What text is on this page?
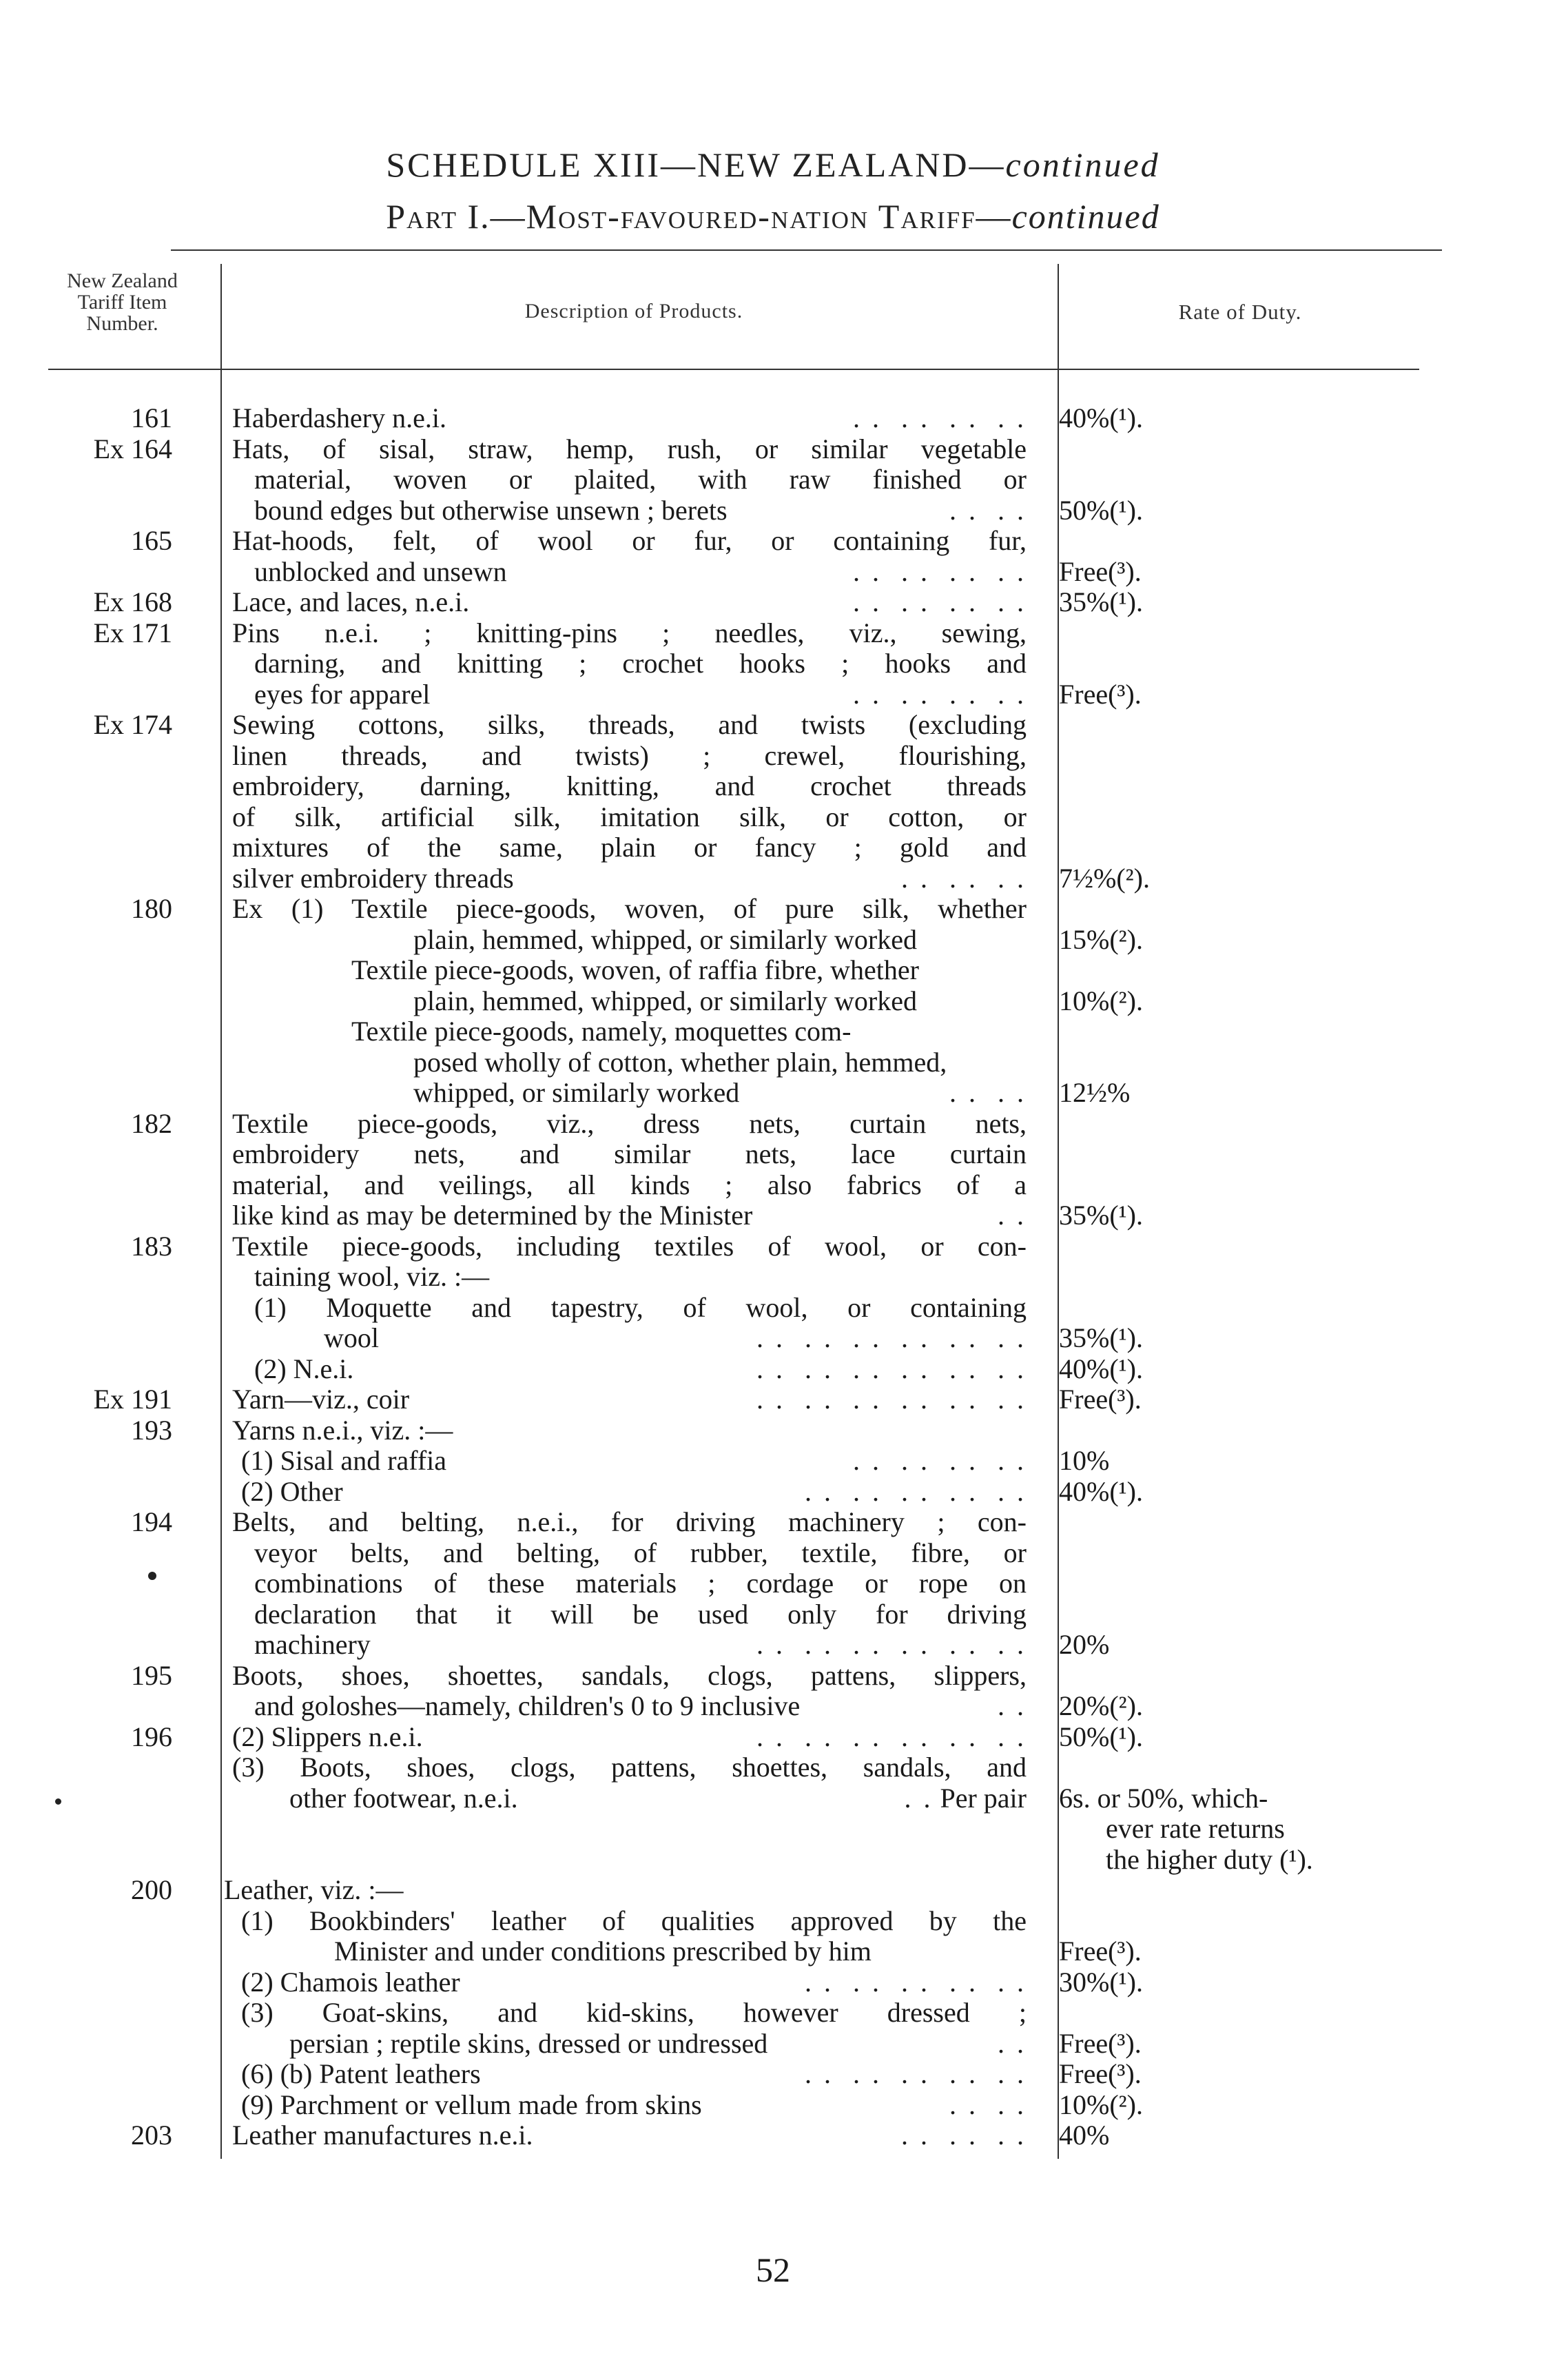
SCHEDULE XIII—NEW ZEALAND—continued
Part I.—Most-favoured-nation Tariff—continued
New Zealand Tariff Item Number.
Description of Products.	Rate of Duty.
161	Haberdashery n.e.i.	. .  . .  . .  . .	40%(¹).
Ex 164	Hats, of sisal, straw, hemp, rush, or similar vegetable
material, woven or plaited, with raw finished or
bound edges but otherwise unsewn ; berets	. .  . .	50%(¹).
165	Hat-hoods, felt, of wool or fur, or containing fur,
unblocked and unsewn	. .  . .  . .  . .	Free(³).
Ex 168	Lace, and laces, n.e.i.	. .  . .  . .  . .	35%(¹).
Ex 171	Pins n.e.i. ; knitting-pins ; needles, viz., sewing,
darning, and knitting ; crochet hooks ; hooks and
eyes for apparel	. .  . .  . .  . .	Free(³).
Ex 174	Sewing cottons, silks, threads, and twists (excluding
linen threads, and twists) ; crewel, flourishing,
embroidery, darning, knitting, and crochet threads
of silk, artificial silk, imitation silk, or cotton, or
mixtures of the same, plain or fancy ; gold and
silver embroidery threads	. .  . .  . .	7½%(²).
180	Ex (1) Textile piece-goods, woven, of pure silk, whether
plain, hemmed, whipped, or similarly worked	15%(²).
Textile piece-goods, woven, of raffia fibre, whether
plain, hemmed, whipped, or similarly worked	10%(²).
Textile piece-goods, namely, moquettes com-
posed wholly of cotton, whether plain, hemmed,
whipped, or similarly worked	. .  . .	12½%
182	Textile piece-goods, viz., dress nets, curtain nets,
embroidery nets, and similar nets, lace curtain
material, and veilings, all kinds ; also fabrics of a
like kind as may be determined by the Minister	. .	35%(¹).
183	Textile piece-goods, including textiles of wool, or con-
taining wool, viz. :—
(1) Moquette and tapestry, of wool, or containing
wool	. .  . .  . .  . .  . .  . .	35%(¹).
(2) N.e.i.	. .  . .  . .  . .  . .  . .	40%(¹).
Ex 191	Yarn—viz., coir	. .  . .  . .  . .  . .  . .	Free(³).
193	Yarns n.e.i., viz. :—
(1) Sisal and raffia	. .  . .  . .  . .	10%
(2) Other	. .  . .  . .  . .  . .	40%(¹).
194	Belts, and belting, n.e.i., for driving machinery ; con-
veyor belts, and belting, of rubber, textile, fibre, or
combinations of these materials ; cordage or rope on
declaration that it will be used only for driving
machinery	. .  . .  . .  . .  . .  . .	20%
195	Boots, shoes, shoettes, sandals, clogs, pattens, slippers,
and goloshes—namely, children's 0 to 9 inclusive	. .	20%(²).
196	(2) Slippers n.e.i.	. .  . .  . .  . .  . .  . .	50%(¹).
(3) Boots, shoes, clogs, pattens, shoettes, sandals, and
other footwear, n.e.i.	. . Per pair	6s. or 50%, which-
ever rate returns
the higher duty (¹).
200	Leather, viz. :—
(1) Bookbinders' leather of qualities approved by the
Minister and under conditions prescribed by him	Free(³).
(2) Chamois leather	. .  . .  . .  . .  . .	30%(¹).
(3) Goat-skins, and kid-skins, however dressed ;
persian ; reptile skins, dressed or undressed	. .	Free(³).
(6) (b) Patent leathers	. .  . .  . .  . .  . .	Free(³).
(9) Parchment or vellum made from skins	. .  . .	10%(²).
203	Leather manufactures n.e.i.	. .  . .  . .	40%
52
